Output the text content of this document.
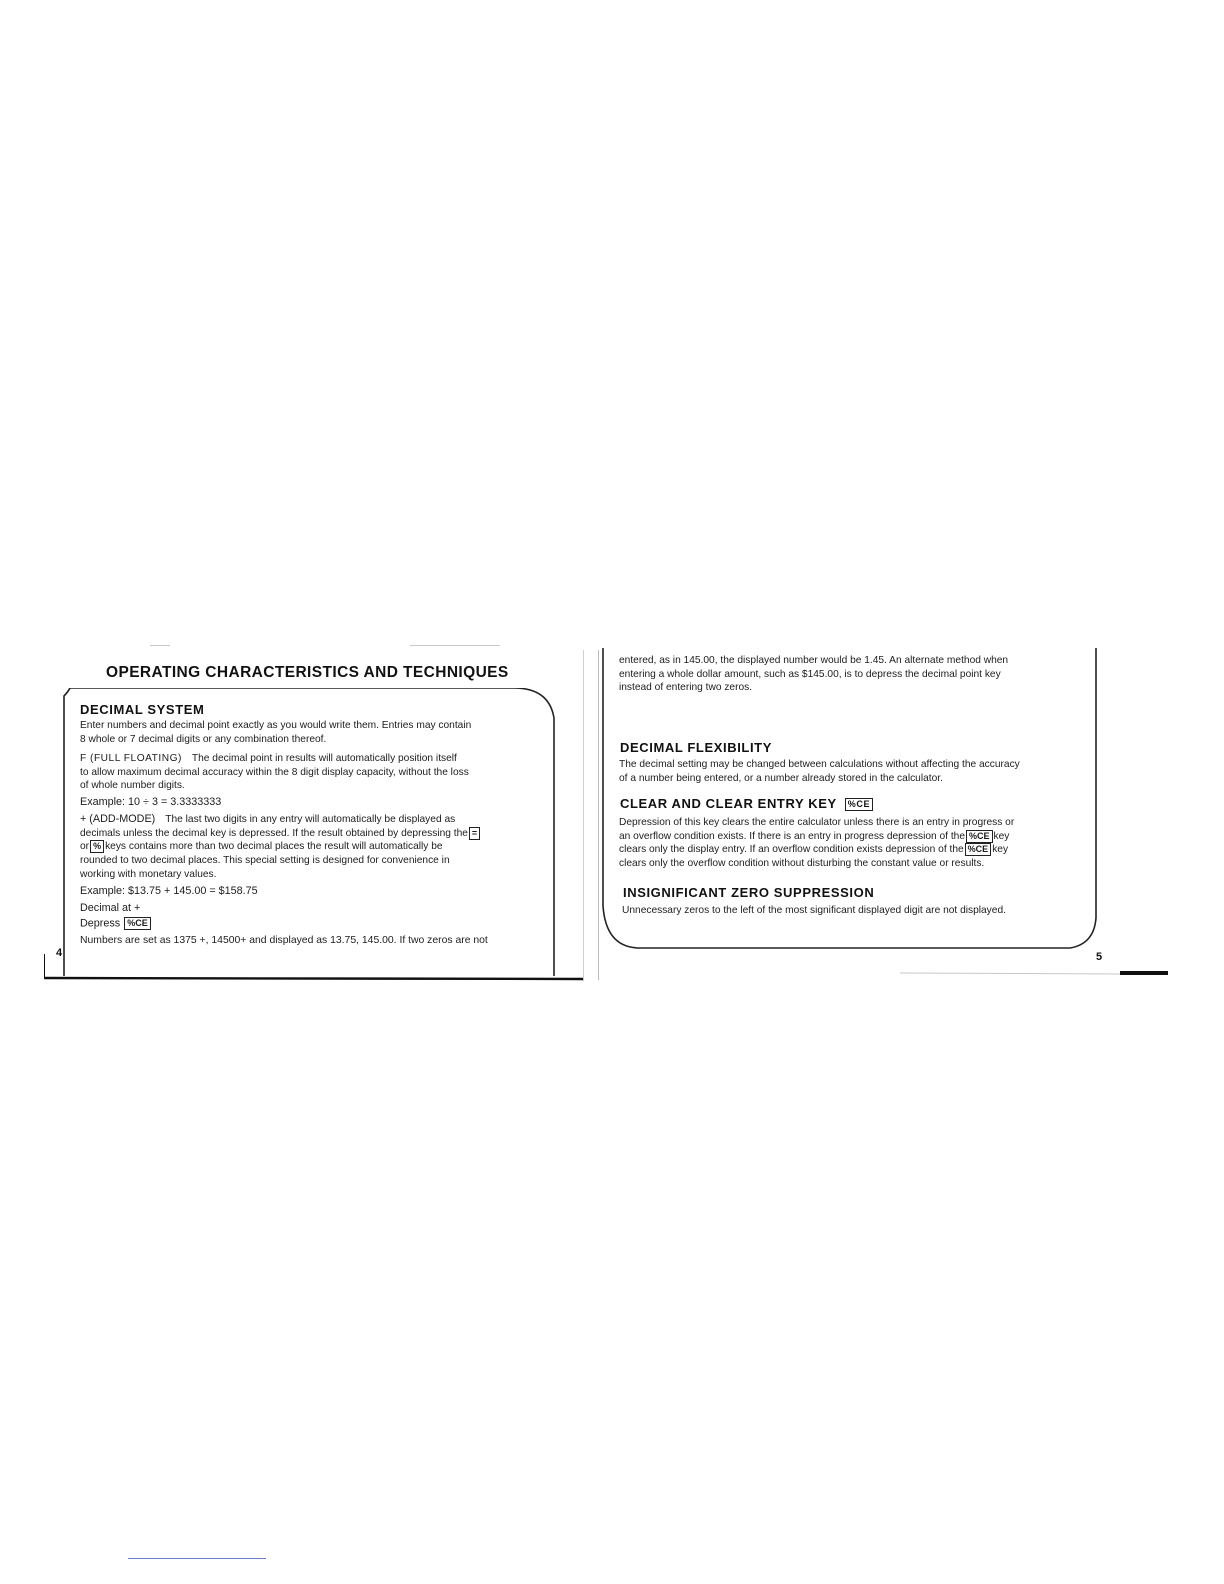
OPERATING CHARACTERISTICS AND TECHNIQUES
DECIMAL SYSTEM

Enter numbers and decimal point exactly as you would write them. Entries may contain

8 whole or 7 decimal digits or any combination thereof.

F (FULL FLOATING) The decimal point in results will automatically position itself

to allow maximum decimal accuracy within the 8 digit display capacity, without the loss

of whole number digits.

Example: 10 ÷ 3 = 3.3333333

+ (ADD-MODE) The last two digits in any entry will automatically be displayed as

decimals unless the decimal key is depressed. If the result obtained by depressing the =

or % keys contains more than two decimal places the result will automatically be

rounded to two decimal places. This special setting is designed for convenience in

working with monetary values.

Example: $13.75 + 145.00 = $158.75
Decimal at +
Depress %CE
Numbers are set as 1375 +, 14500+ and displayed as 13.75, 145.00. If two zeros are not
4

entered, as in 145.00, the displayed number would be 1.45. An alternate method when

entering a whole dollar amount, such as $145.00, is to depress the decimal point key

instead of entering two zeros.

DECIMAL FLEXIBILITY

The decimal setting may be changed between calculations without affecting the accuracy

of a number being entered, or a number already stored in the calculator.

CLEAR AND CLEAR ENTRY KEY %CE

Depression of this key clears the entire calculator unless there is an entry in progress or

an overflow condition exists. If there is an entry in progress depression of the %CE key

clears only the display entry. If an overflow condition exists depression of the %CE key

clears only the overflow condition without disturbing the constant value or results.

INSIGNIFICANT ZERO SUPPRESSION
Unnecessary zeros to the left of the most significant displayed digit are not displayed.
5
